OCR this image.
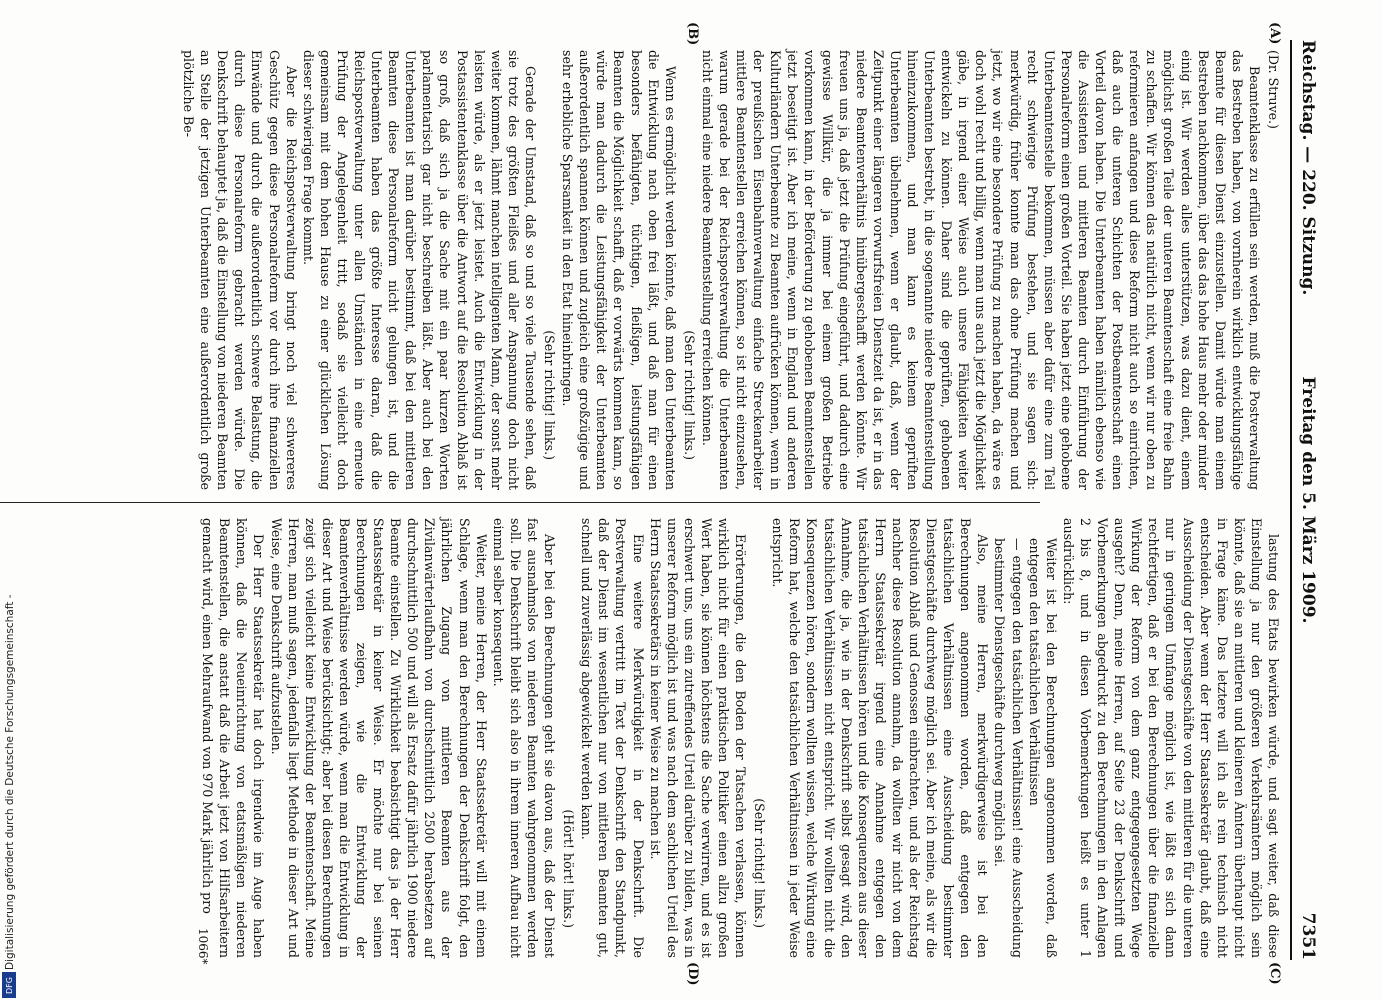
Reichstag. — 220. Sitzung.
Freitag den 5. März 1909.
7351
(A)
(B)
(C)
(D)

(Dr. Struve.)

Beamtenklasse zu erfüllen sein werden, muß die Postverwaltung das Bestreben haben, von vornherein wirklich entwicklungsfähige Beamte für diesen Dienst einzustellen. Damit würde man einem Bestreben nachkommen, über das das hohe Haus mehr oder minder einig ist. Wir werden alles unterstützen, was dazu dient, einem möglichst großen Teile der unteren Beamtenschaft eine freie Bahn zu schaffen. Wir können das natürlich nicht, wenn wir nur oben zu reformieren anfangen und diese Reform nicht auch so einrichten, daß auch die unteren Schichten der Postbeamtenschaft einen Vorteil davon haben. Die Unterbeamten haben nämlich ebenso wie die Assistenten und mittleren Beamten durch Einführung der Personalreform einen großen Vorteil. Sie haben jetzt eine gehobene Unterbeamtenstelle bekommen, müssen aber dafür eine zum Teil recht schwierige Prüfung bestehen, und sie sagen sich: merkwürdig, früher konnte man das ohne Prüfung machen und jetzt, wo wir eine besondere Prüfung zu machen haben, da wäre es doch wohl recht und billig, wenn man uns auch jetzt die Möglichkeit gäbe, in irgend einer Weise auch unsere Fähigkeiten weiter entwickeln zu können. Daher sind die geprüften, gehobenen Unterbeamten bestrebt, in die sogenannte niedere Beamtenstellung hineinzukommen, und man kann es keinem geprüften Unterbeamten übelnehmen, wenn er glaubt, daß, wenn der Zeitpunkt einer längeren vorwurfsfreien Dienstzeit da ist, er in das niedere Beamtenverhältnis hinübergeschafft werden könnte. Wir freuen uns ja, daß jetzt die Prüfung eingeführt, und dadurch eine gewisse Willkür, die ja immer bei einem großen Betriebe vorkommen kann, in der Beförderung zu gehobenen Beamtenstellen jetzt beseitigt ist. Aber ich meine, wenn in England und anderen Kulturländern Unterbeamte zu Beamten aufrücken können, wenn in der preußischen Eisenbahnverwaltung einfache Streckenarbeiter mittlere Beamtenstellen erreichen können, so ist nicht einzusehen, warum gerade bei der Reichspostverwaltung die Unterbeamten nicht einmal eine niedere Beamtenstellung erreichen können.

(Sehr richtig! links.)

Wenn es ermöglicht werden könnte, daß man den Unterbeamten die Entwicklung nach oben frei läßt, und daß man für einen besonders befähigten, tüchtigen, fleißigen, leistungsfähigen Beamten die Möglichkeit schafft, daß er vorwärts kommen kann, so würde man dadurch die Leistungsfähigkeit der Unterbeamten außerordentlich spannen können und zugleich eine großzügige und sehr erhebliche Sparsamkeit in den Etat hineinbringen.

(Sehr richtig! links.)

Gerade der Umstand, daß so und so viele Tausende sehen, daß sie trotz des größten Fleißes und aller Anspannung doch nicht weiter kommen, lähmt manchen intelligenten Mann, der sonst mehr leisten würde, als er jetzt leistet. Auch die Entwicklung in der Postassistentenklasse über die Antwort auf die Resolution Ablaß ist so groß, daß sich ja die Sache mit ein paar kurzen Worten parlamentarisch gar nicht beschreiben läßt. Aber auch bei den Unterbeamten ist man darüber bestimmt, daß bei den mittleren Beamten diese Personalreform nicht gelungen ist, und die Unterbeamten haben das größte Interesse daran, daß die Reichspostverwaltung unter allen Umständen in eine erneute Prüfung der Angelegenheit tritt, sodaß sie vielleicht doch gemeinsam mit dem hohen Hause zu einer glücklichen Lösung dieser schwierigen Frage kommt.

Aber die Reichspostverwaltung bringt noch viel schwereres Geschütz gegen diese Personalreform vor durch ihre finanziellen Einwände und durch die außerordentlich schwere Belastung, die durch diese Personalreform gebracht werden würde. Die Denkschrift behauptet ja, daß die Einstellung von niederen Beamten an Stelle der jetzigen Unterbeamten eine außerordentlich große plötzliche Be-

lastung des Etats bewirken würde, und sagt weiter, daß diese Einstellung ja nur den größeren Verkehrsämtern möglich sein könnte, daß sie an mittleren und kleineren Ämtern überhaupt nicht in Frage käme. Das letztere will ich als rein technisch nicht entscheiden. Aber wenn der Herr Staatssekretär glaubt, daß eine Ausscheidung der Dienstgeschäfte von den mittleren für die unteren nur in geringem Umfange möglich ist, wie läßt es sich dann rechtfertigen, daß er bei den Berechnungen über die finanzielle Wirkung der Reform von dem ganz entgegengesetzten Wege ausgeht? Denn, meine Herren, auf Seite 23 der Denkschrift und Vorbemerkungen abgedruckt zu den Berechnungen in den Anlagen 2 bis 8, und in diesen Vorbemerkungen heißt es unter 1 ausdrücklich:

Weiter ist bei den Berechnungen angenommen worden, daß entgegen den tatsächlichen Verhältnissen

— entgegen den tatsächlichen Verhältnissen! eine Ausscheidung bestimmter Dienstgeschäfte durchweg möglich sei.

Also, meine Herren, merkwürdigerweise ist bei den Berechnungen angenommen worden, daß entgegen den tatsächlichen Verhältnissen eine Ausscheidung bestimmter Dienstgeschäfte durchweg möglich sei. Aber ich meine, als wir die Resolution Ablaß und Genossen einbrachten, und als der Reichstag nachher diese Resolution annahm, da wollten wir nicht von dem Herrn Staatssekretär irgend eine Annahme entgegen den tatsächlichen Verhältnissen hören und die Konsequenzen aus dieser Annahme, die ja, wie in der Denkschrift selbst gesagt wird, den tatsächlichen Verhältnissen nicht entspricht. Wir wollten nicht die Konsequenzen hören, sondern wollten wissen, welche Wirkung eine Reform hat, welche den tatsächlichen Verhältnissen in jeder Weise entspricht.

(Sehr richtig! links.)

Erörterungen, die den Boden der Tatsachen verlassen, können wirklich nicht für einen praktischen Politiker einen allzu großen Wert haben, sie können höchstens die Sache verwirren, und es ist erschwert uns, uns ein zutreffendes Urteil darüber zu bilden, was in unserer Reform möglich ist und was nach dem sachlichen Urteil des Herrn Staatssekretärs in keiner Weise zu machen ist.

Eine weitere Merkwürdigkeit in der Denkschrift. Die Postverwaltung vertritt im Text der Denkschrift den Standpunkt, daß der Dienst im wesentlichen nur von mittleren Beamten gut, schnell und zuverlässig abgewickelt werden kann.

(Hört! hört! links.)

Aber bei den Berechnungen geht sie davon aus, daß der Dienst fast ausnahmslos von niederen Beamten wahrgenommen werden soll. Die Denkschrift bleibt sich also in ihrem inneren Aufbau nicht einmal selber konsequent.

Weiter, meine Herren, der Herr Staatssekretär will mit einem Schlage, wenn man den Berechnungen der Denkschrift folgt, den jährlichen Zugang von mittleren Beamten aus der Zivilanwärterlaufbahn von durchschnittlich 2500 herabsetzen auf durchschnittlich 500 und will als Ersatz dafür jährlich 1900 niedere Beamte einstellen. Zu Wirklichkeit beabsichtigt das ja der Herr Staatssekretär in keiner Weise. Er möchte nur bei seinen Berechnungen zeigen, wie die Entwicklung der Beamtenverhältnisse werden würde, wenn man die Entwicklung in dieser Art und Weise berücksichtigt; aber bei diesen Berechnungen zeigt sich vielleicht keine Entwicklung der Beamtenschaft. Meine Herren, man muß sagen, jedenfalls liegt Methode in dieser Art und Weise, eine Denkschrift aufzustellen.

Der Herr Staatssekretär hat doch irgendwie im Auge haben können, daß die Neueinrichtung von etatsmäßigen niederen Beamtenstellen, die anstatt daß die Arbeit jetzt von Hilfsarbeitern gemacht wird, einen Mehraufwand von 970 Mark jährlich pro

1066*
Digitalisierung gefördert durch die Deutsche Forschungsgemeinschaft -
DFG
